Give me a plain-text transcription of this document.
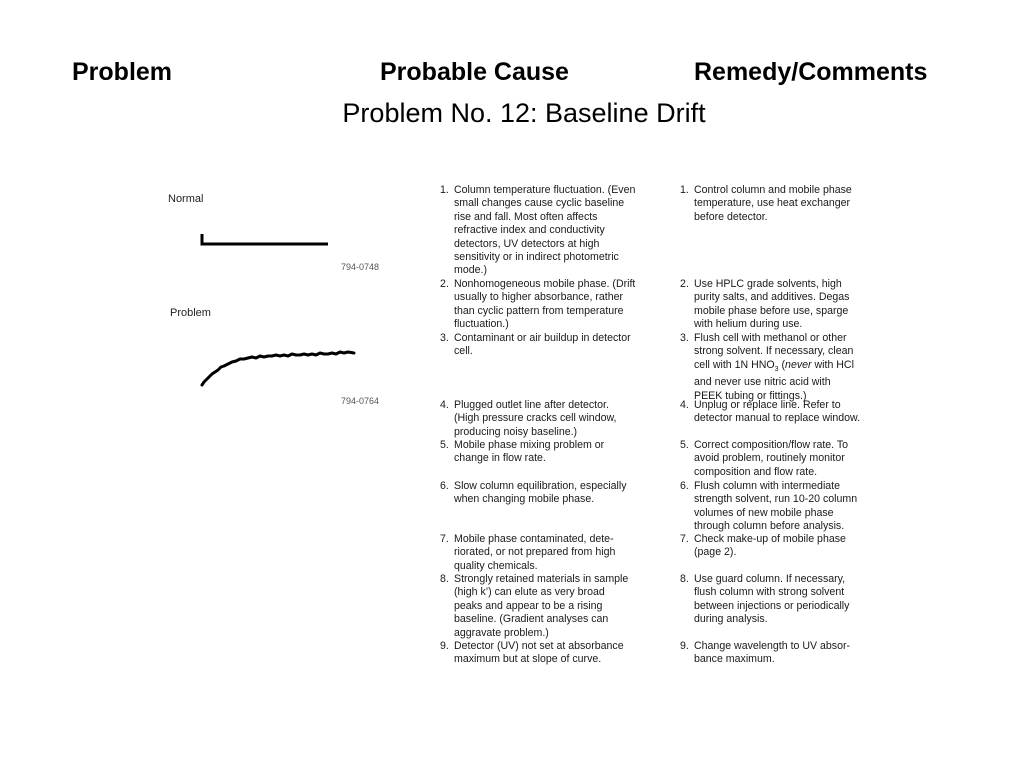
Problem	Probable Cause	Remedy/Comments
Problem No. 12: Baseline Drift
Normal
794-0748
Problem
794-0764
1. Column temperature fluctuation. (Even
small changes cause cyclic baseline
rise and fall. Most often affects
refractive index and conductivity
detectors, UV detectors at high
sensitivity or in indirect photometric
mode.)
2. Nonhomogeneous mobile phase. (Drift
usually to higher absorbance, rather
than cyclic pattern from temperature
fluctuation.)
3. Contaminant or air buildup in detector
cell.
4. Plugged outlet line after detector.
(High pressure cracks cell window,
producing noisy baseline.)
5. Mobile phase mixing problem or
change in flow rate.
6. Slow column equilibration, especially
when changing mobile phase.
7. Mobile phase contaminated, dete-
riorated, or not prepared from high
quality chemicals.
8. Strongly retained materials in sample
(high k’) can elute as very broad
peaks and appear to be a rising
baseline. (Gradient analyses can
aggravate problem.)
9. Detector (UV) not set at absorbance
maximum but at slope of curve.
1. Control column and mobile phase
temperature, use heat exchanger
before detector.
2. Use HPLC grade solvents, high
purity salts, and additives. Degas
mobile phase before use, sparge
with helium during use.
3. Flush cell with methanol or other
strong solvent. If necessary, clean
cell with 1N $HNO_3$ (never with HCl
and never use nitric acid with
PEEK tubing or fittings.)
4. Unplug or replace line. Refer to
detector manual to replace window.
5. Correct composition/flow rate. To
avoid problem, routinely monitor
composition and flow rate.
6. Flush column with intermediate
strength solvent, run 10-20 column
volumes of new mobile phase
through column before analysis.
7. Check make-up of mobile phase
(page 2).
8. Use guard column. If necessary,
flush column with strong solvent
between injections or periodically
during analysis.
9. Change wavelength to UV absor-
bance maximum.
